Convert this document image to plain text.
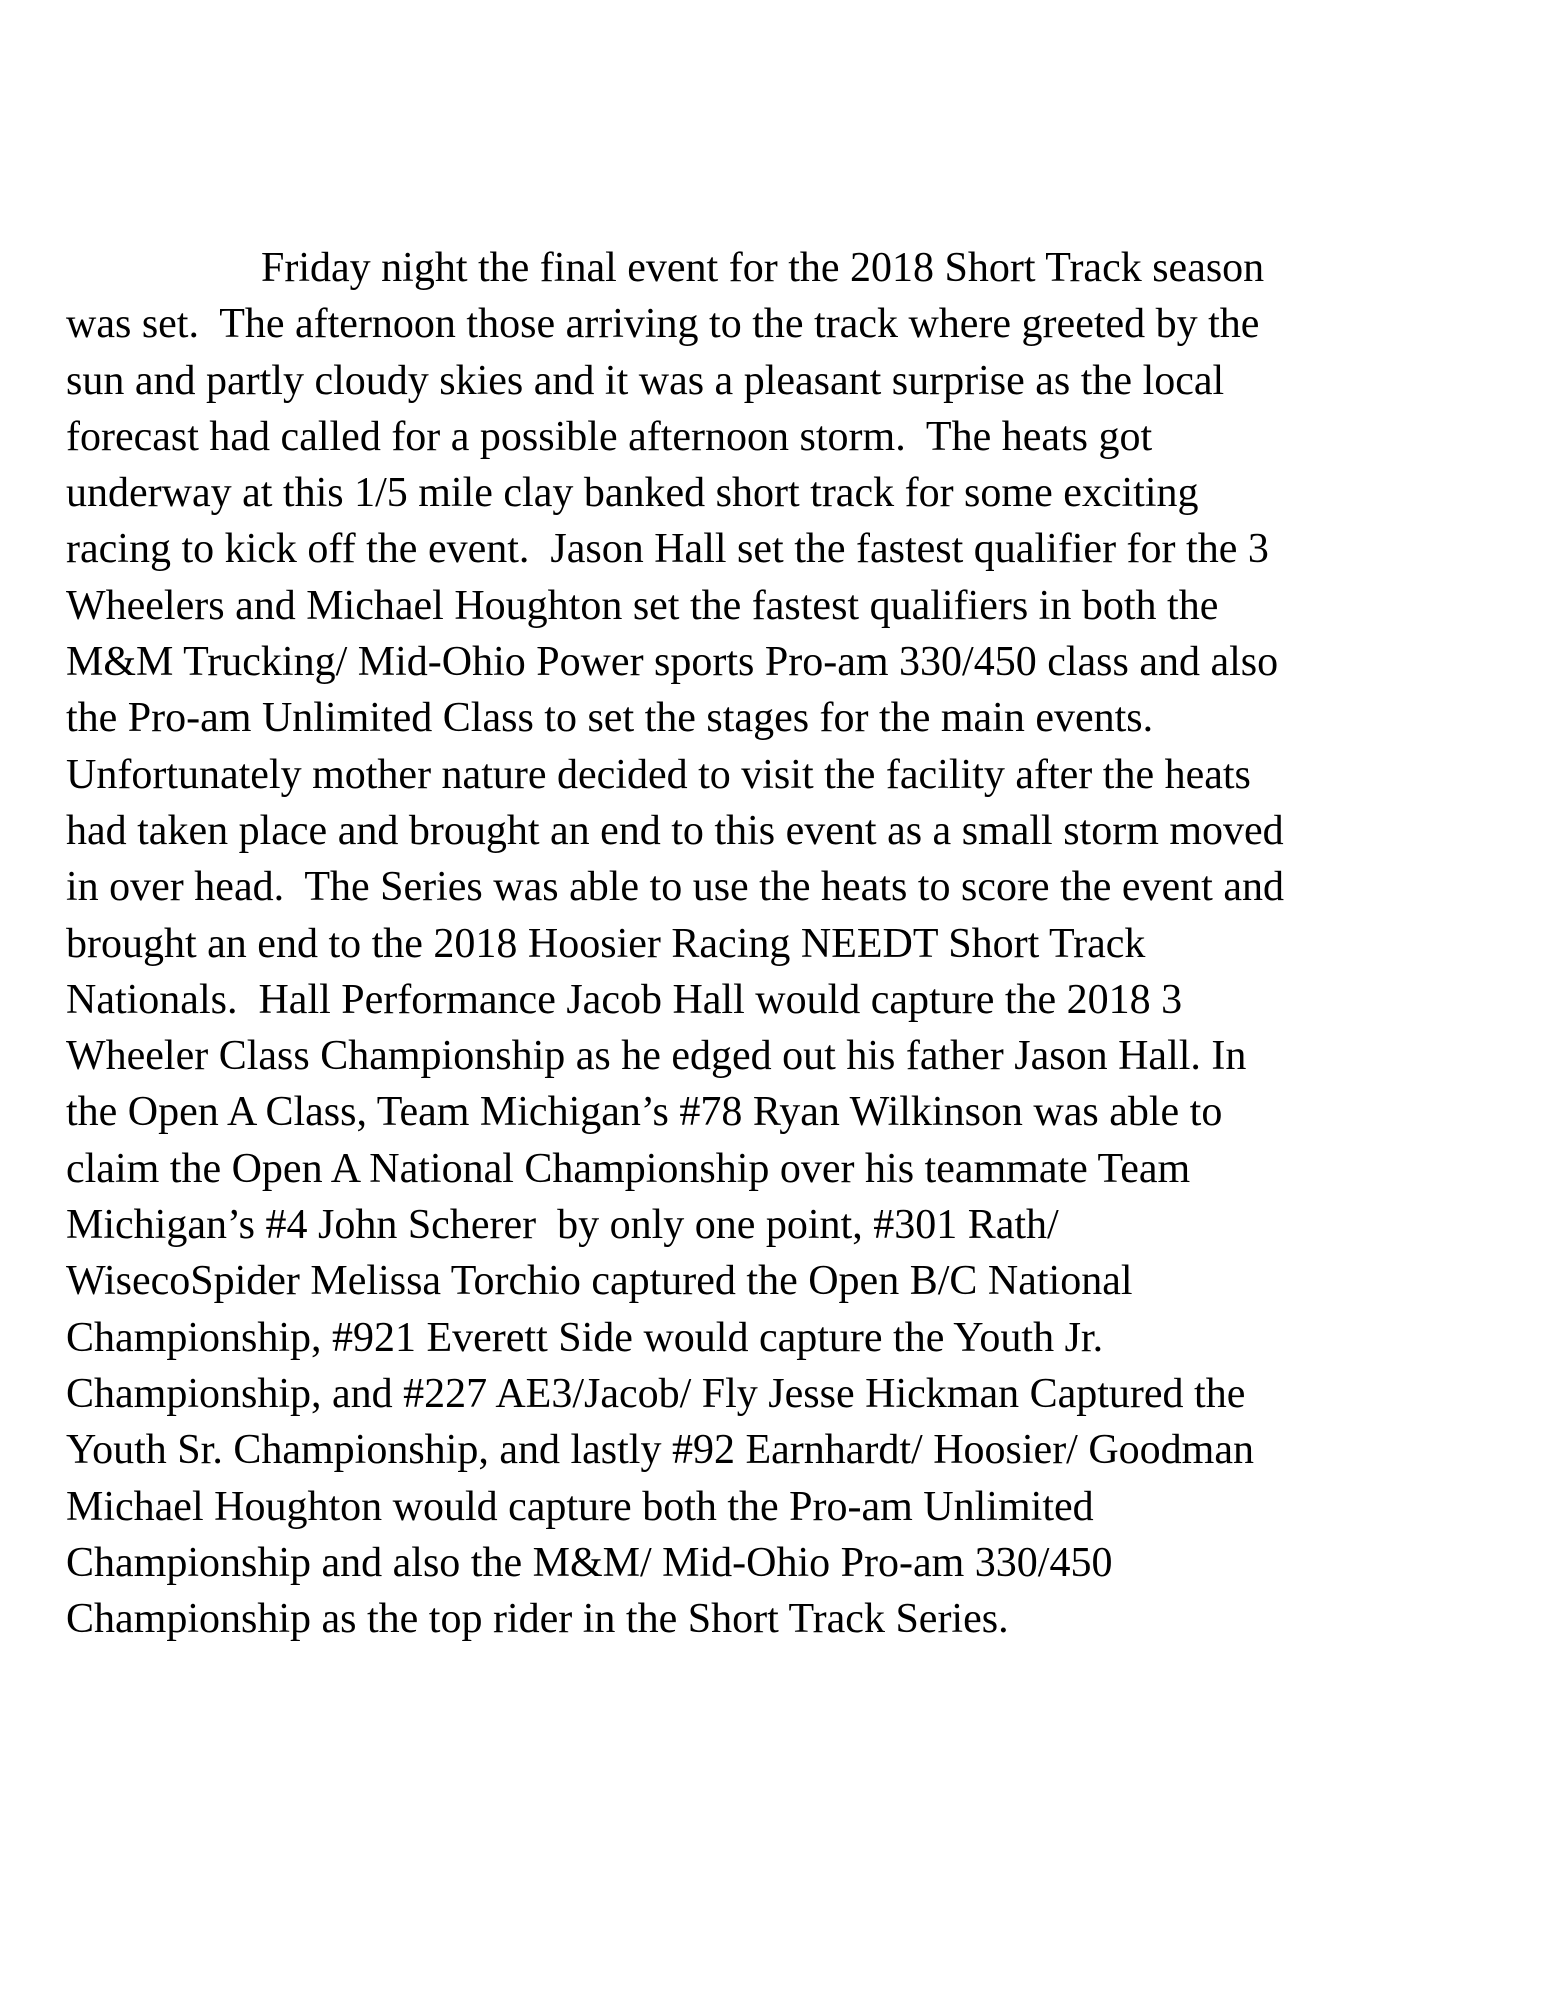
Friday night the final event for the 2018 Short Track season
was set.  The afternoon those arriving to the track where greeted by the
sun and partly cloudy skies and it was a pleasant surprise as the local
forecast had called for a possible afternoon storm.  The heats got
underway at this 1/5 mile clay banked short track for some exciting
racing to kick off the event.  Jason Hall set the fastest qualifier for the 3
Wheelers and Michael Houghton set the fastest qualifiers in both the
M&M Trucking/ Mid-Ohio Power sports Pro-am 330/450 class and also
the Pro-am Unlimited Class to set the stages for the main events.
Unfortunately mother nature decided to visit the facility after the heats
had taken place and brought an end to this event as a small storm moved
in over head.  The Series was able to use the heats to score the event and
brought an end to the 2018 Hoosier Racing NEEDT Short Track
Nationals.  Hall Performance Jacob Hall would capture the 2018 3
Wheeler Class Championship as he edged out his father Jason Hall. In
the Open A Class, Team Michigan’s #78 Ryan Wilkinson was able to
claim the Open A National Championship over his teammate Team
Michigan’s #4 John Scherer  by only one point, #301 Rath/
WisecoSpider Melissa Torchio captured the Open B/C National
Championship, #921 Everett Side would capture the Youth Jr.
Championship, and #227 AE3/Jacob/ Fly Jesse Hickman Captured the
Youth Sr. Championship, and lastly #92 Earnhardt/ Hoosier/ Goodman
Michael Houghton would capture both the Pro-am Unlimited
Championship and also the M&M/ Mid-Ohio Pro-am 330/450
Championship as the top rider in the Short Track Series.
